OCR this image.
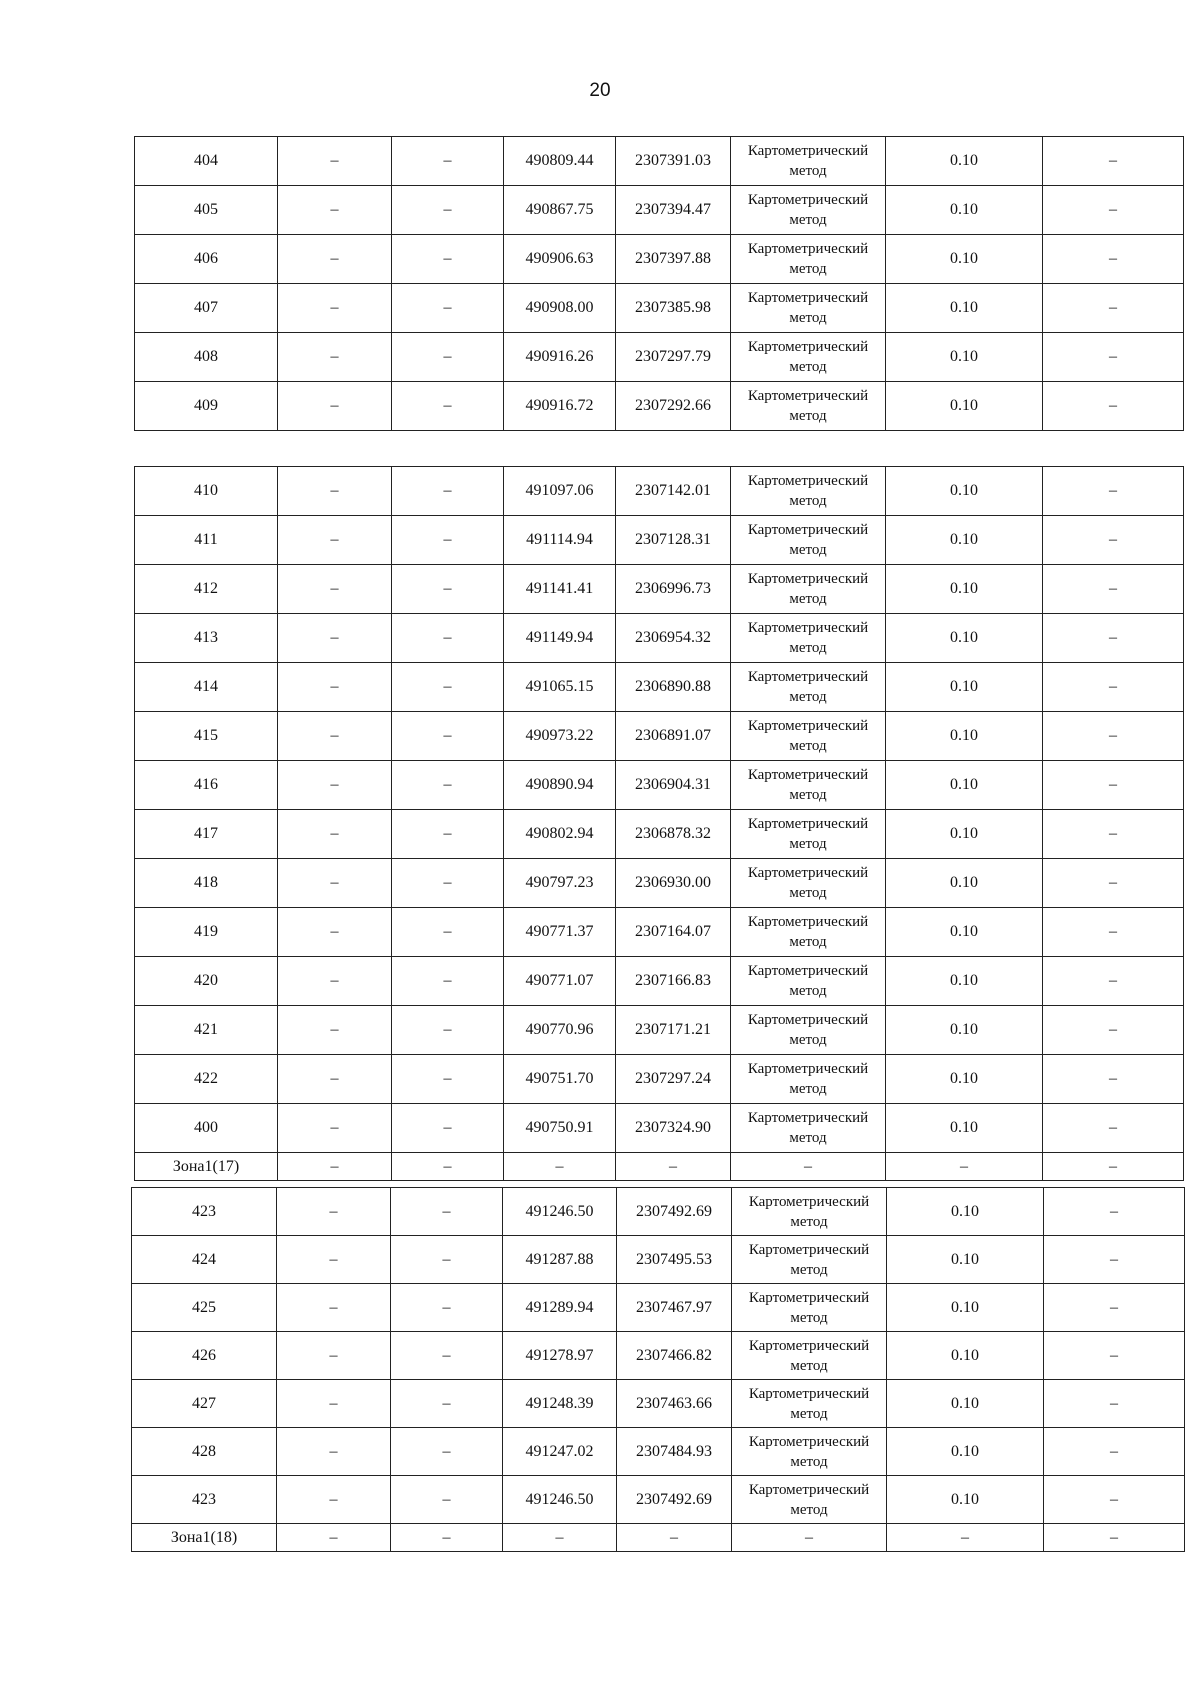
20
404	–	–	490809.44	2307391.03	Картометрический метод	0.10	–
405	–	–	490867.75	2307394.47	Картометрический метод	0.10	–
406	–	–	490906.63	2307397.88	Картометрический метод	0.10	–
407	–	–	490908.00	2307385.98	Картометрический метод	0.10	–
408	–	–	490916.26	2307297.79	Картометрический метод	0.10	–
409	–	–	490916.72	2307292.66	Картометрический метод	0.10	–
410	–	–	491097.06	2307142.01	Картометрический метод	0.10	–
411	–	–	491114.94	2307128.31	Картометрический метод	0.10	–
412	–	–	491141.41	2306996.73	Картометрический метод	0.10	–
413	–	–	491149.94	2306954.32	Картометрический метод	0.10	–
414	–	–	491065.15	2306890.88	Картометрический метод	0.10	–
415	–	–	490973.22	2306891.07	Картометрический метод	0.10	–
416	–	–	490890.94	2306904.31	Картометрический метод	0.10	–
417	–	–	490802.94	2306878.32	Картометрический метод	0.10	–
418	–	–	490797.23	2306930.00	Картометрический метод	0.10	–
419	–	–	490771.37	2307164.07	Картометрический метод	0.10	–
420	–	–	490771.07	2307166.83	Картометрический метод	0.10	–
421	–	–	490770.96	2307171.21	Картометрический метод	0.10	–
422	–	–	490751.70	2307297.24	Картометрический метод	0.10	–
400	–	–	490750.91	2307324.90	Картометрический метод	0.10	–
Зона1(17)	–	–	–	–	–	–	–
423	–	–	491246.50	2307492.69	Картометрический метод	0.10	–
424	–	–	491287.88	2307495.53	Картометрический метод	0.10	–
425	–	–	491289.94	2307467.97	Картометрический метод	0.10	–
426	–	–	491278.97	2307466.82	Картометрический метод	0.10	–
427	–	–	491248.39	2307463.66	Картометрический метод	0.10	–
428	–	–	491247.02	2307484.93	Картометрический метод	0.10	–
423	–	–	491246.50	2307492.69	Картометрический метод	0.10	–
Зона1(18)	–	–	–	–	–	–	–
